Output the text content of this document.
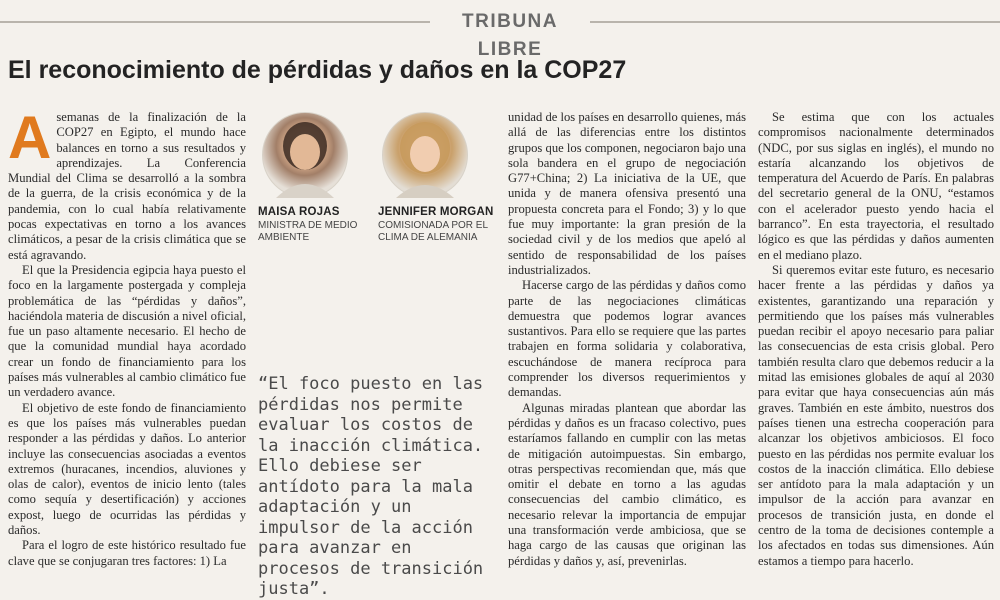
TRIBUNA LIBRE
El reconocimiento de pérdidas y daños en la COP27

Asemanas de la finalización de la COP27 en Egipto, el mundo hace balances en torno a sus resultados y aprendizajes. La Conferencia Mundial del Clima se desarrolló a la sombra de la guerra, de la crisis económica y de la pandemia, con lo cual había relativamente pocas expectativas en torno a los avances climáticos, a pesar de la crisis climática que se está agravando.

El que la Presidencia egipcia haya puesto el foco en la largamente postergada y compleja problemática de las “pérdidas y daños”, haciéndola materia de discusión a nivel oficial, fue un paso altamente necesario. El hecho de que la comunidad mundial haya acordado crear un fondo de financiamiento para los países más vulnerables al cambio climático fue un verdadero avance.

El objetivo de este fondo de financiamiento es que los países más vulnerables puedan responder a las pérdidas y daños. Lo anterior incluye las consecuencias asociadas a eventos extremos (huracanes, incendios, aluviones y olas de calor), eventos de inicio lento (tales como sequía y desertificación) y acciones expost, luego de ocurridas las pérdidas y daños.

Para el logro de este histórico resultado fue clave que se conjugaran tres factores: 1) La

MAISA ROJAS
MINISTRA DE MEDIO AMBIENTE
JENNIFER MORGAN
COMISIONADA POR EL CLIMA DE ALEMANIA
“El foco puesto en las pérdidas nos permite evaluar los costos de la inacción climática. Ello debiese ser antídoto para la mala adaptación y un impulsor de la acción para avanzar en procesos de transición justa”.

unidad de los países en desarrollo quienes, más allá de las diferencias entre los distintos grupos que los componen, negociaron bajo una sola bandera en el grupo de negociación G77+China; 2) La iniciativa de la UE, que unida y de manera ofensiva presentó una propuesta concreta para el Fondo; 3) y lo que fue muy importante: la gran presión de la sociedad civil y de los medios que apeló al sentido de responsabilidad de los países industrializados.

Hacerse cargo de las pérdidas y daños como parte de las negociaciones climáticas demuestra que podemos lograr avances sustantivos. Para ello se requiere que las partes trabajen en forma solidaria y colaborativa, escuchándose de manera recíproca para comprender los diversos requerimientos y demandas.

Algunas miradas plantean que abordar las pérdidas y daños es un fracaso colectivo, pues estaríamos fallando en cumplir con las metas de mitigación autoimpuestas. Sin embargo, otras perspectivas recomiendan que, más que omitir el debate en torno a las agudas consecuencias del cambio climático, es necesario relevar la importancia de empujar una transformación verde ambiciosa, que se haga cargo de las causas que originan las pérdidas y daños y, así, prevenirlas.

Se estima que con los actuales compromisos nacionalmente determinados (NDC, por sus siglas en inglés), el mundo no estaría alcanzando los objetivos de temperatura del Acuerdo de París. En palabras del secretario general de la ONU, “estamos con el acelerador puesto yendo hacia el barranco”. En esta trayectoria, el resultado lógico es que las pérdidas y daños aumenten en el mediano plazo.

Si queremos evitar este futuro, es necesario hacer frente a las pérdidas y daños ya existentes, garantizando una reparación y permitiendo que los países más vulnerables puedan recibir el apoyo necesario para paliar las consecuencias de esta crisis global. Pero también resulta claro que debemos reducir a la mitad las emisiones globales de aquí al 2030 para evitar que haya consecuencias aún más graves. También en este ámbito, nuestros dos países tienen una estrecha cooperación para alcanzar los objetivos ambiciosos. El foco puesto en las pérdidas nos permite evaluar los costos de la inacción climática. Ello debiese ser antídoto para la mala adaptación y un impulsor de la acción para avanzar en procesos de transición justa, en donde el centro de la toma de decisiones contemple a los afectados en todas sus dimensiones. Aún estamos a tiempo para hacerlo.
